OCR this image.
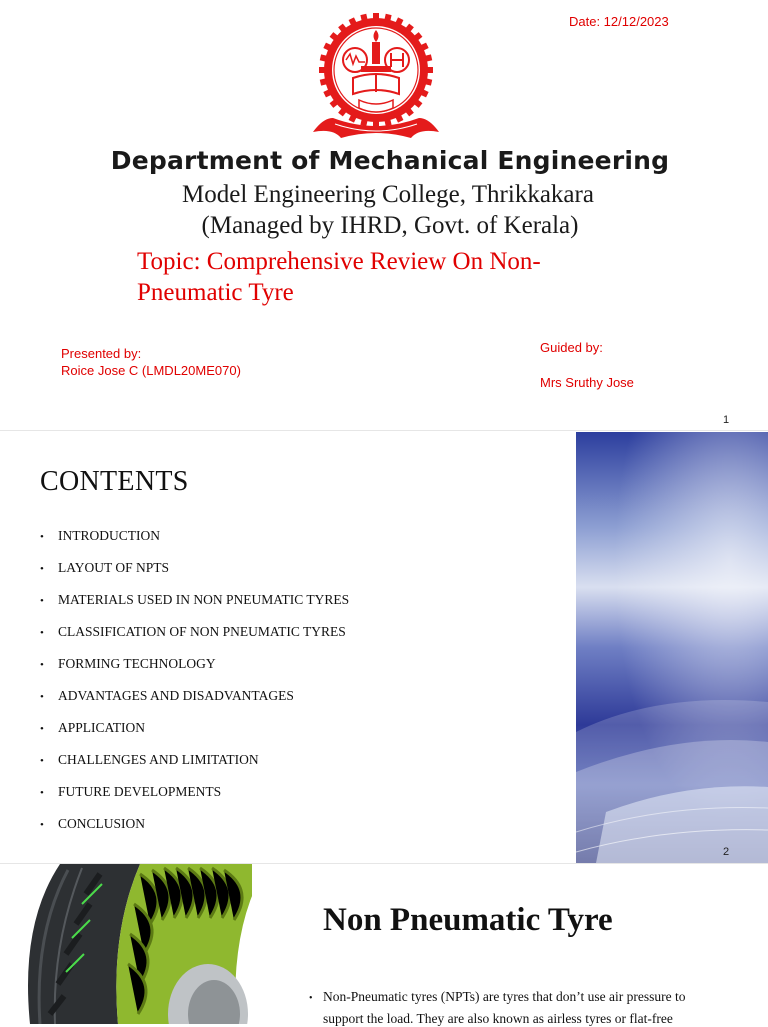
Date: 12/12/2023
Department of Mechanical Engineering
Model Engineering College, Thrikkakara
(Managed by IHRD, Govt. of Kerala)
Topic: Comprehensive Review On Non-
Pneumatic Tyre
Presented by:
Roice Jose C (LMDL20ME070)
Guided by:
Mrs Sruthy Jose
1
CONTENTS
•	INTRODUCTION
•	LAYOUT OF NPTS
•	MATERIALS USED IN NON PNEUMATIC TYRES
•	CLASSIFICATION OF NON PNEUMATIC TYRES
•	FORMING TECHNOLOGY
•	ADVANTAGES AND DISADVANTAGES
•	APPLICATION
•	CHALLENGES AND LIMITATION
•	FUTURE DEVELOPMENTS
•	CONCLUSION
2
Non Pneumatic Tyre
• Non-Pneumatic tyres (NPTs) are tyres that don’t use air pressure to
support the load. They are also known as airless tyres or flat-free
